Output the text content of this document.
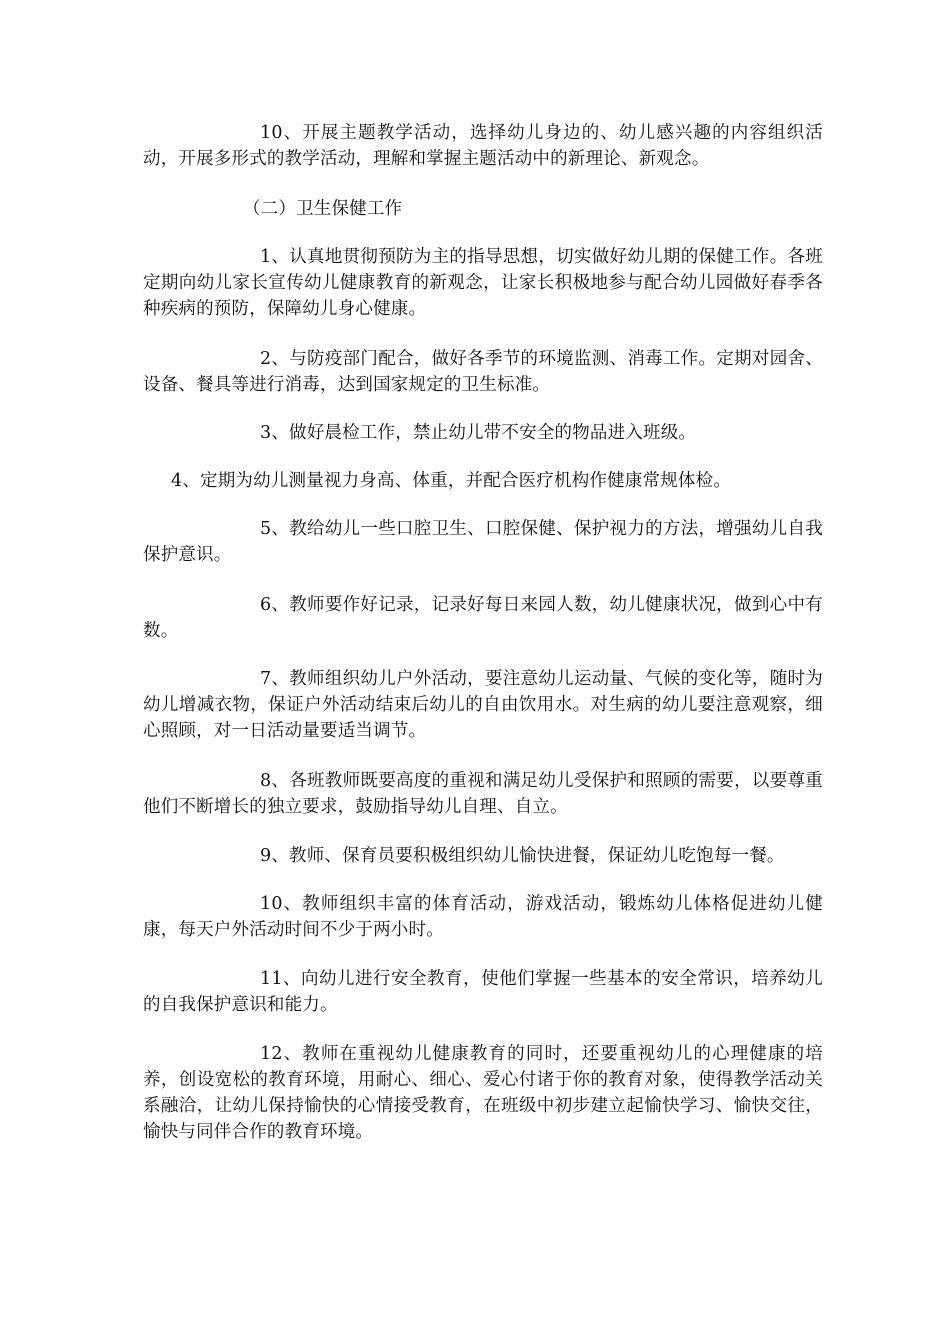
10、开展主题教学活动，选择幼儿身边的、幼儿感兴趣的内容组织活动，开展多形式的教学活动，理解和掌握主题活动中的新理论、新观念。

（二）卫生保健工作

1、认真地贯彻预防为主的指导思想，切实做好幼儿期的保健工作。各班定期向幼儿家长宣传幼儿健康教育的新观念，让家长积极地参与配合幼儿园做好春季各种疾病的预防，保障幼儿身心健康。

2、与防疫部门配合，做好各季节的环境监测、消毒工作。定期对园舍、设备、餐具等进行消毒，达到国家规定的卫生标准。

3、做好晨检工作，禁止幼儿带不安全的物品进入班级。

4、定期为幼儿测量视力身高、体重，并配合医疗机构作健康常规体检。

5、教给幼儿一些口腔卫生、口腔保健、保护视力的方法，增强幼儿自我保护意识。

6、教师要作好记录，记录好每日来园人数，幼儿健康状况，做到心中有数。

7、教师组织幼儿户外活动，要注意幼儿运动量、气候的变化等，随时为幼儿增减衣物，保证户外活动结束后幼儿的自由饮用水。对生病的幼儿要注意观察，细心照顾，对一日活动量要适当调节。

8、各班教师既要高度的重视和满足幼儿受保护和照顾的需要，以要尊重他们不断增长的独立要求，鼓励指导幼儿自理、自立。

9、教师、保育员要积极组织幼儿愉快进餐，保证幼儿吃饱每一餐。

10、教师组织丰富的体育活动，游戏活动，锻炼幼儿体格促进幼儿健康，每天户外活动时间不少于两小时。

11、向幼儿进行安全教育，使他们掌握一些基本的安全常识，培养幼儿的自我保护意识和能力。

12、教师在重视幼儿健康教育的同时，还要重视幼儿的心理健康的培养，创设宽松的教育环境，用耐心、细心、爱心付诸于你的教育对象，使得教学活动关系融洽，让幼儿保持愉快的心情接受教育，在班级中初步建立起愉快学习、愉快交往，愉快与同伴合作的教育环境。
